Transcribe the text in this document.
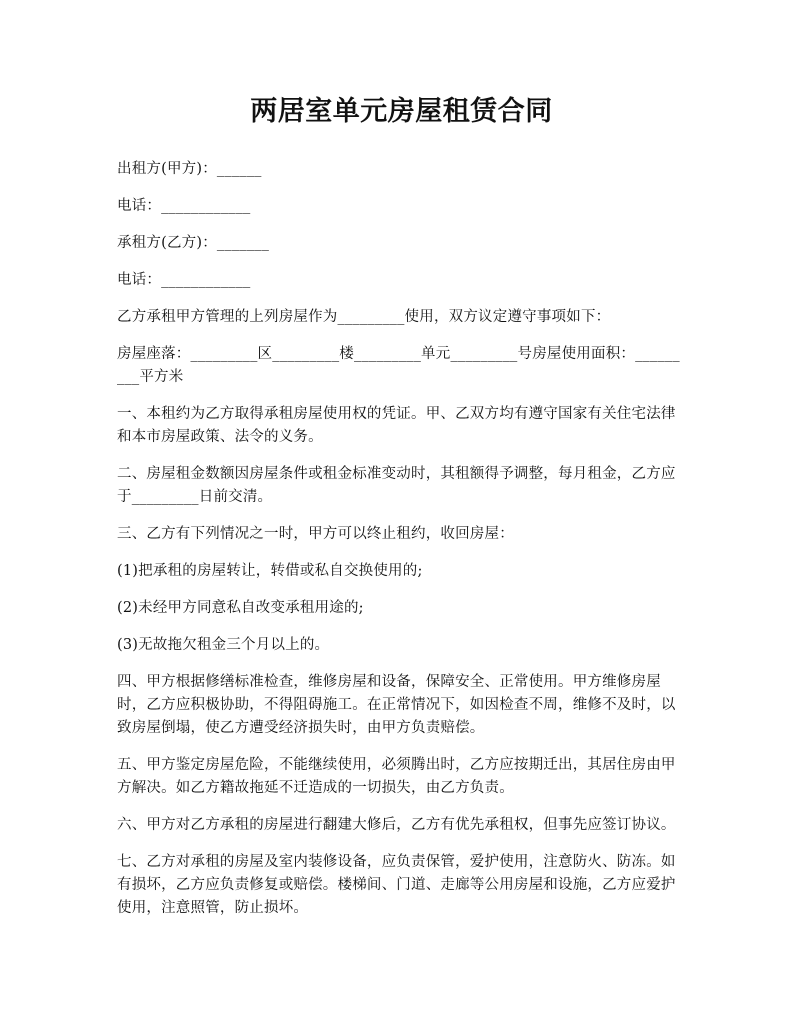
两居室单元房屋租赁合同
出租方(甲方)：______
电话：____________
承租方(乙方)：_______
电话：____________
乙方承租甲方管理的上列房屋作为_________使用，双方议定遵守事项如下：
房屋座落：_________区_________楼_________单元_________号房屋使用面积：_________平方米
一、本租约为乙方取得承租房屋使用权的凭证。甲、乙双方均有遵守国家有关住宅法律和本市房屋政策、法令的义务。
二、房屋租金数额因房屋条件或租金标准变动时，其租额得予调整，每月租金，乙方应于_________日前交清。
三、乙方有下列情况之一时，甲方可以终止租约，收回房屋：
(1)把承租的房屋转让，转借或私自交换使用的;
(2)未经甲方同意私自改变承租用途的;
(3)无故拖欠租金三个月以上的。
四、甲方根据修缮标准检查，维修房屋和设备，保障安全、正常使用。甲方维修房屋时，乙方应积极协助，不得阻碍施工。在正常情况下，如因检查不周，维修不及时，以致房屋倒塌，使乙方遭受经济损失时，由甲方负责赔偿。
五、甲方鉴定房屋危险，不能继续使用，必须腾出时，乙方应按期迁出，其居住房由甲方解决。如乙方籍故拖延不迁造成的一切损失，由乙方负责。
六、甲方对乙方承租的房屋进行翻建大修后，乙方有优先承租权，但事先应签订协议。
七、乙方对承租的房屋及室内装修设备，应负责保管，爱护使用，注意防火、防冻。如有损坏，乙方应负责修复或赔偿。楼梯间、门道、走廊等公用房屋和设施，乙方应爱护使用，注意照管，防止损坏。
